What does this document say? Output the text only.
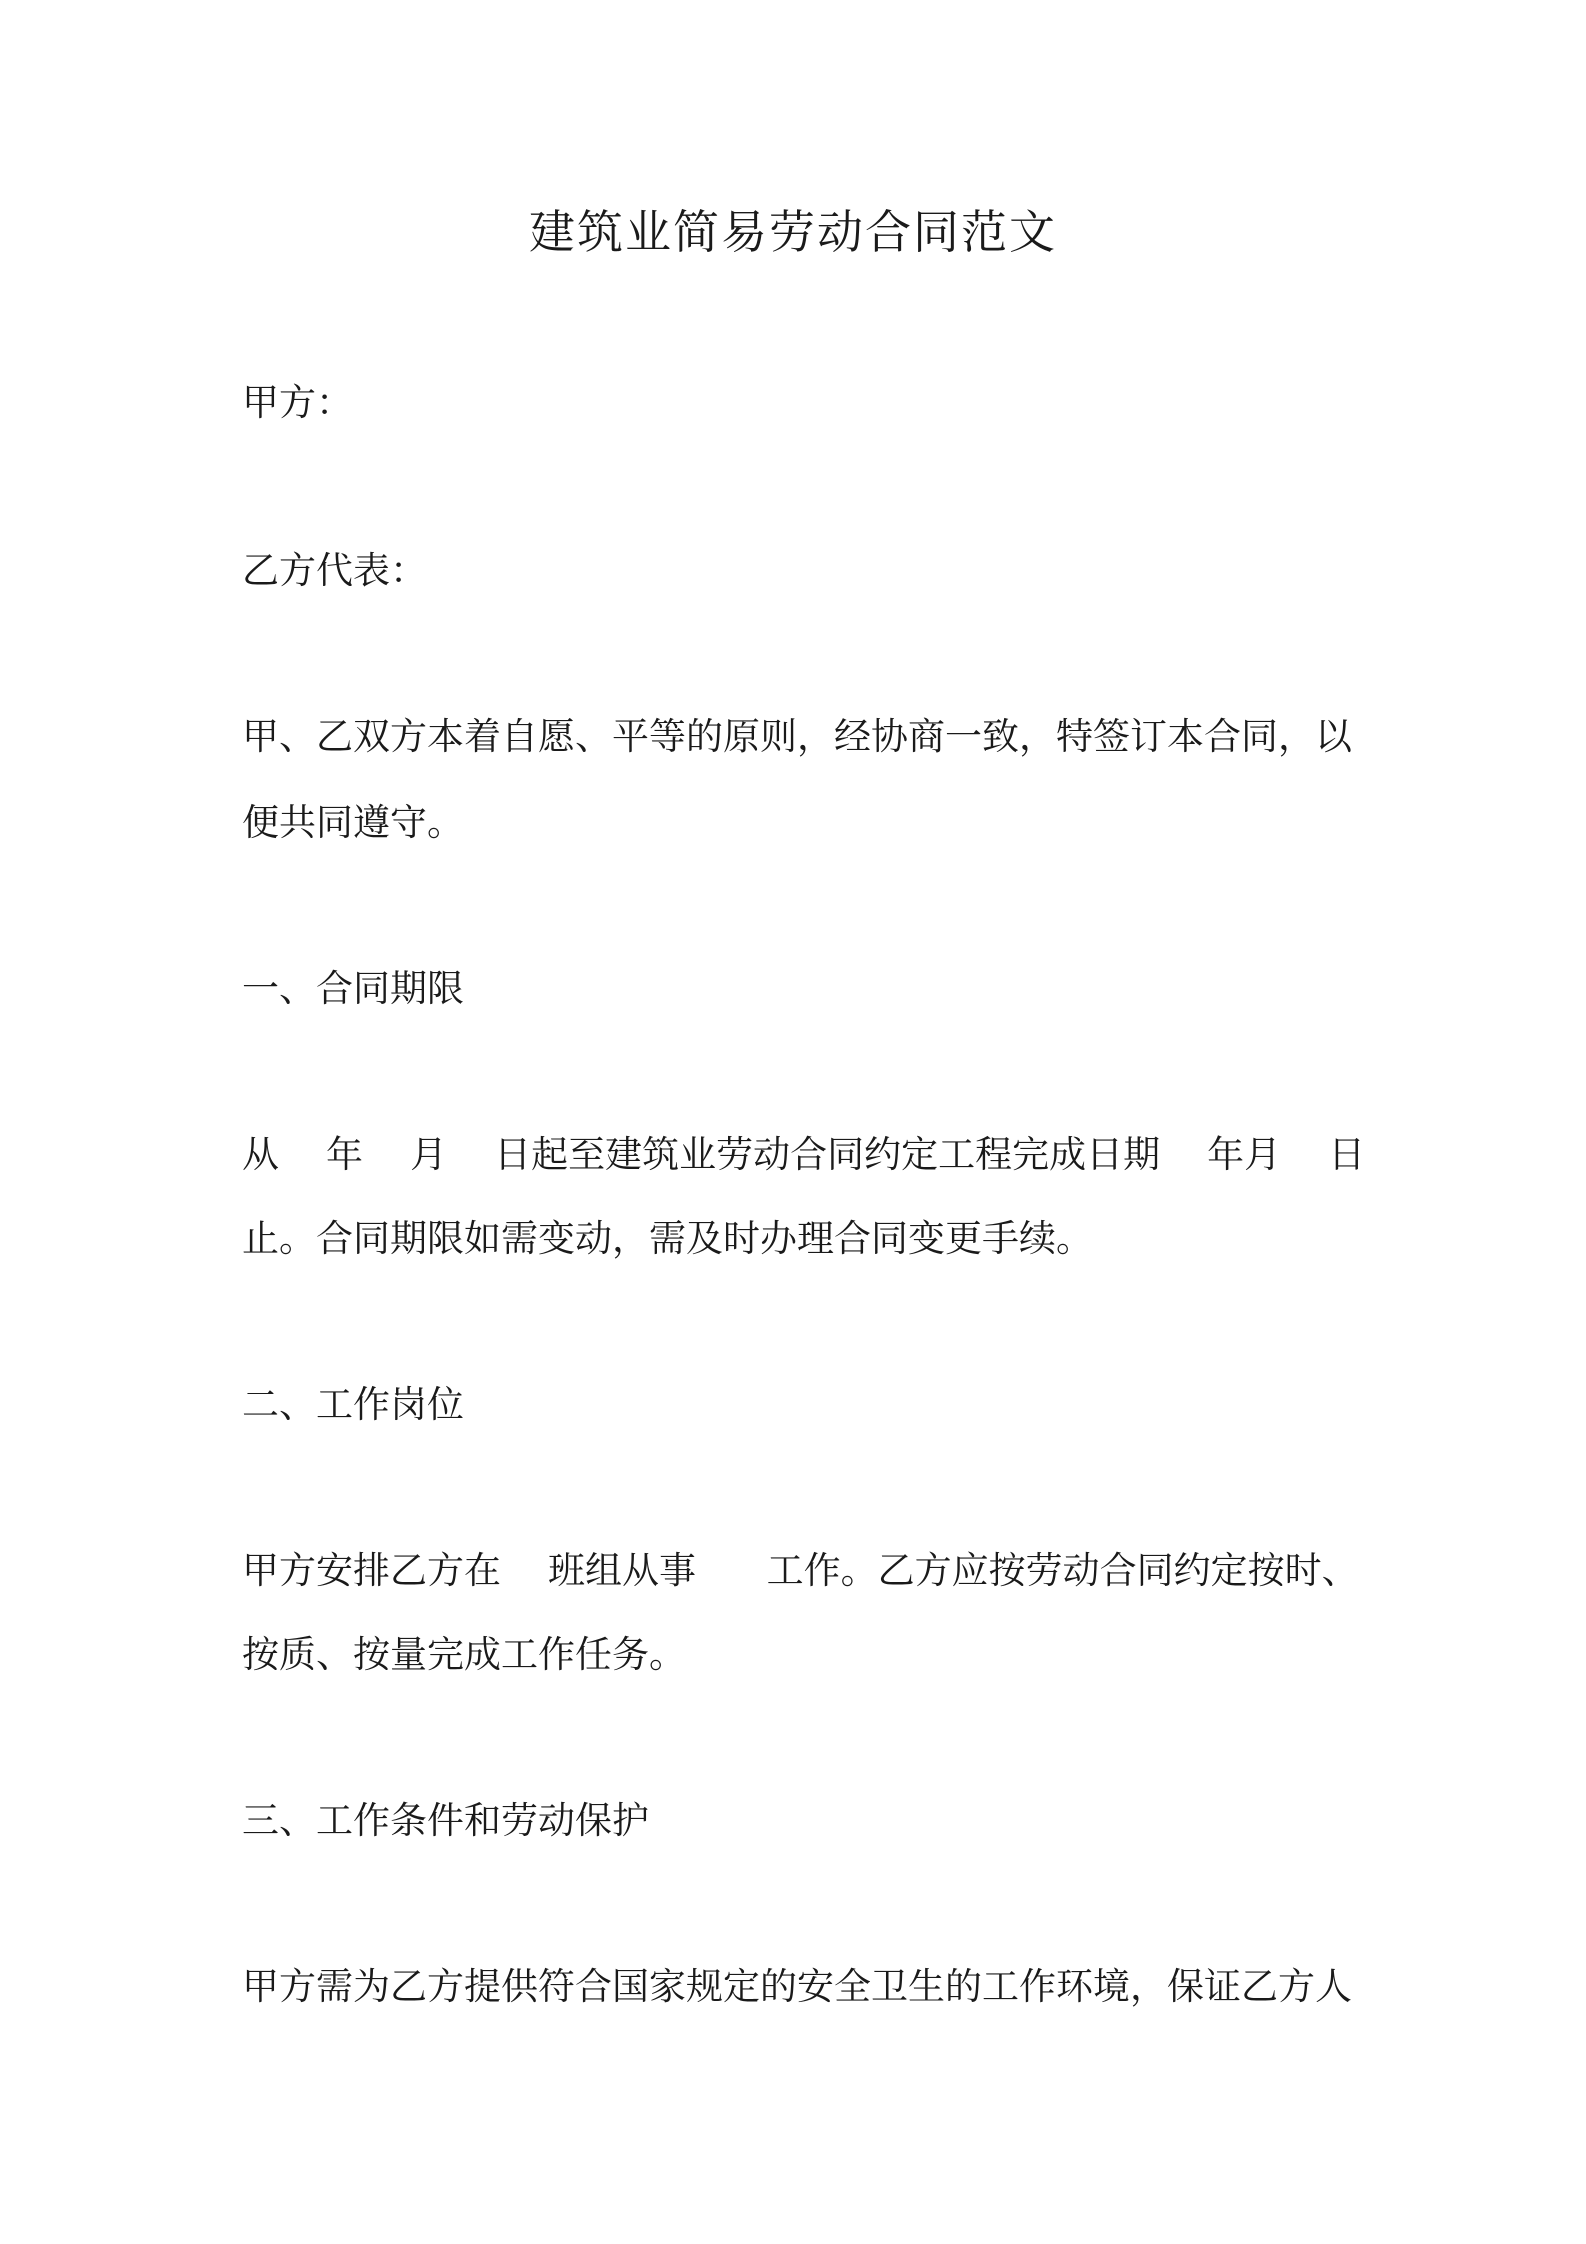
建筑业简易劳动合同范文

甲方：

乙方代表：

甲、乙双方本着自愿、平等的原则，经协商一致，特签订本合同，以

便共同遵守。

一、合同期限

从    年    月    日起至建筑业劳动合同约定工程完成日期    年月    日

止。合同期限如需变动，需及时办理合同变更手续。

二、工作岗位

甲方安排乙方在    班组从事      工作。乙方应按劳动合同约定按时、

按质、按量完成工作任务。

三、工作条件和劳动保护

甲方需为乙方提供符合国家规定的安全卫生的工作环境，保证乙方人
